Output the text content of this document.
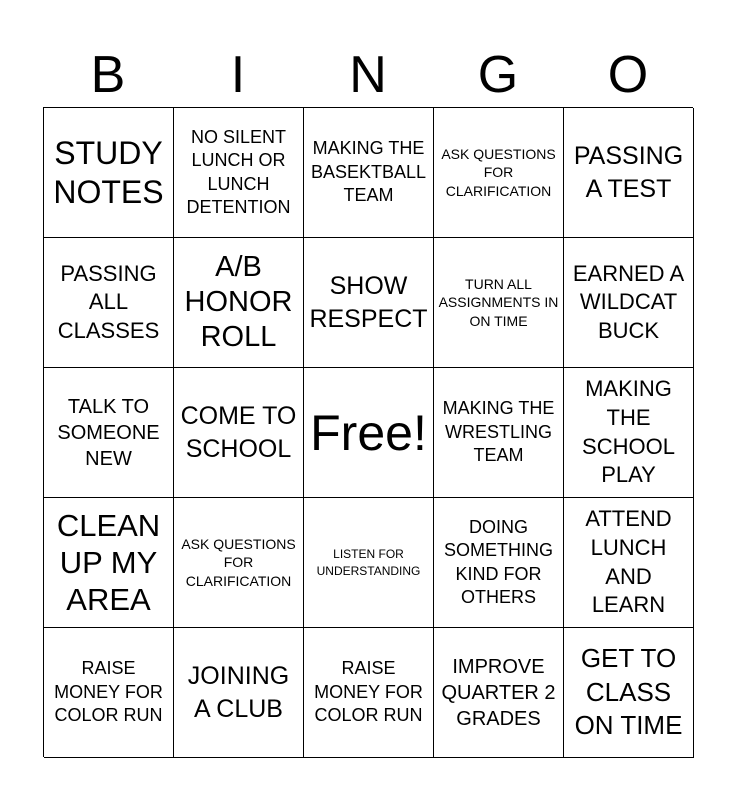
B	I	N	G	O
STUDY NOTES
NO SILENT LUNCH OR LUNCH DETENTION
MAKING THE BASEKTBALL TEAM
ASK QUESTIONS FOR CLARIFICATION
PASSING A TEST
PASSING ALL CLASSES
A/B HONOR ROLL
SHOW RESPECT
TURN ALL ASSIGNMENTS IN ON TIME
EARNED A WILDCAT BUCK
TALK TO SOMEONE NEW
COME TO SCHOOL Free! MAKING THE WRESTLING TEAM
MAKING THE SCHOOL PLAY
CLEAN UP MY AREA
ASK QUESTIONS FOR CLARIFICATION
LISTEN FOR UNDERSTANDING
DOING SOMETHING KIND FOR OTHERS
ATTEND LUNCH AND LEARN
RAISE MONEY FOR COLOR RUN
JOINING A CLUB
RAISE MONEY FOR COLOR RUN
IMPROVE QUARTER 2 GRADES
GET TO CLASS ON TIME
